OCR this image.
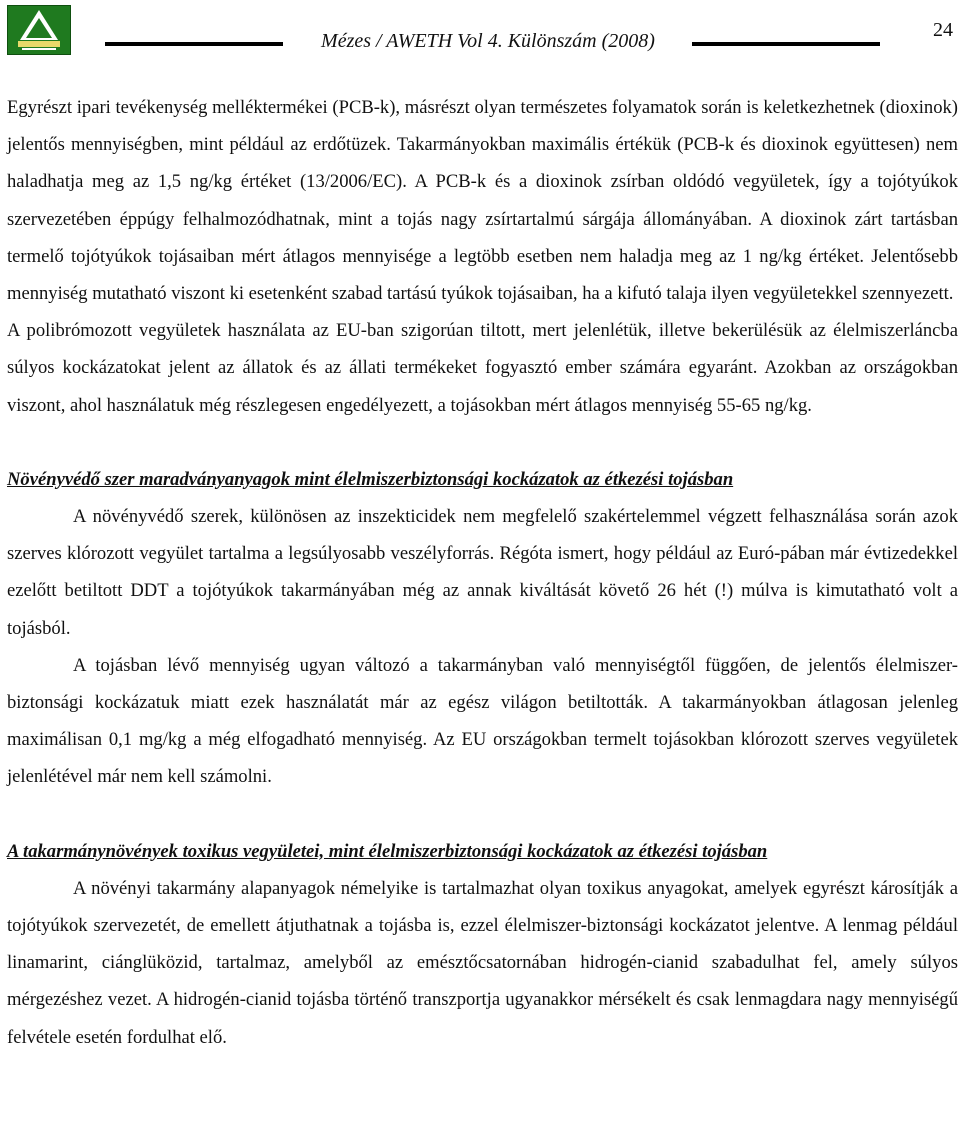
Mézes / AWETH Vol 4. Különszám (2008)	24

Egyrészt ipari tevékenység melléktermékei (PCB-k), másrészt olyan természetes folyamatok során is keletkezhetnek (dioxinok) jelentős mennyiségben, mint például az erdőtüzek. Takarmányokban maximális értékük (PCB-k és dioxinok együttesen) nem haladhatja meg az 1,5 ng/kg értéket (13/2006/EC). A PCB-k és a dioxinok zsírban oldódó vegyületek, így a tojótyúkok szervezetében éppúgy felhalmozódhatnak, mint a tojás nagy zsírtartalmú sárgája állományában. A dioxinok zárt tartásban termelő tojótyúkok tojásaiban mért átlagos mennyisége a legtöbb esetben nem haladja meg az 1 ng/kg értéket. Jelentősebb mennyiség mutatható viszont ki esetenként szabad tartású tyúkok tojásaiban, ha a kifutó talaja ilyen vegyületekkel szennyezett.

A polibrómozott vegyületek használata az EU-ban szigorúan tiltott, mert jelenlétük, illetve bekerülésük az élelmiszerláncba súlyos kockázatokat jelent az állatok és az állati termékeket fogyasztó ember számára egyaránt. Azokban az országokban viszont, ahol használatuk még részlegesen engedélyezett, a tojásokban mért átlagos mennyiség 55-65 ng/kg.

Növényvédő szer maradványanyagok mint élelmiszerbiztonsági kockázatok az étkezési tojásban

A növényvédő szerek, különösen az inszekticidek nem megfelelő szakértelemmel végzett felhasználása során azok szerves klórozott vegyület tartalma a legsúlyosabb veszélyforrás. Régóta ismert, hogy például az Euró-pában már évtizedekkel ezelőtt betiltott DDT a tojótyúkok takarmányában még az annak kiváltását követő 26 hét (!) múlva is kimutatható volt a tojásból.

A tojásban lévő mennyiség ugyan változó a takarmányban való mennyiségtől függően, de jelentős élelmiszer-biztonsági kockázatuk miatt ezek használatát már az egész világon betiltották. A takarmányokban átlagosan jelenleg maximálisan 0,1 mg/kg a még elfogadható mennyiség. Az EU országokban termelt tojásokban klórozott szerves vegyületek jelenlétével már nem kell számolni.

A takarmánynövények toxikus vegyületei, mint élelmiszerbiztonsági kockázatok az étkezési tojásban

A növényi takarmány alapanyagok némelyike is tartalmazhat olyan toxikus anyagokat, amelyek egyrészt károsítják a tojótyúkok szervezetét, de emellett átjuthatnak a tojásba is, ezzel élelmiszer-biztonsági kockázatot jelentve. A lenmag például linamarint, ciánglüközid, tartalmaz, amelyből az emésztőcsatornában hidrogén-cianid szabadulhat fel, amely súlyos mérgezéshez vezet. A hidrogén-cianid tojásba történő transzportja ugyanakkor mérsékelt és csak lenmagdara nagy mennyiségű felvétele esetén fordulhat elő.
